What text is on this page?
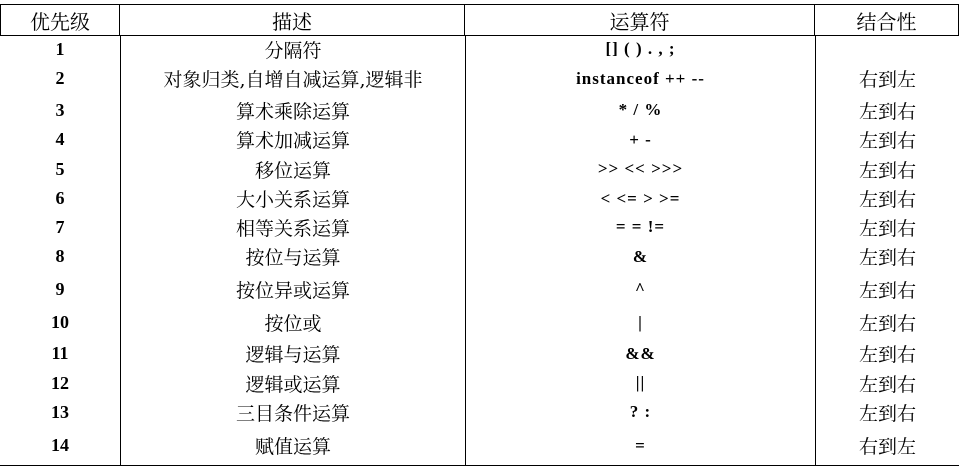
优先级	描述	运算符	结合性
1	分隔符	[] ( ) . , ;
2	对象归类,自增自减运算,逻辑非	instanceof ++ --	右到左
3	算术乘除运算	* / %	左到右
4	算术加减运算	+ -	左到右
5	移位运算	>> << >>>	左到右
6	大小关系运算	< <= > >=	左到右
7	相等关系运算	= = !=	左到右
8	按位与运算	&	左到右
9	按位异或运算	^	左到右
10	按位或	|	左到右
11	逻辑与运算	&&	左到右
12	逻辑或运算	||	左到右
13	三目条件运算	? :	左到右
14	赋值运算	=	右到左
